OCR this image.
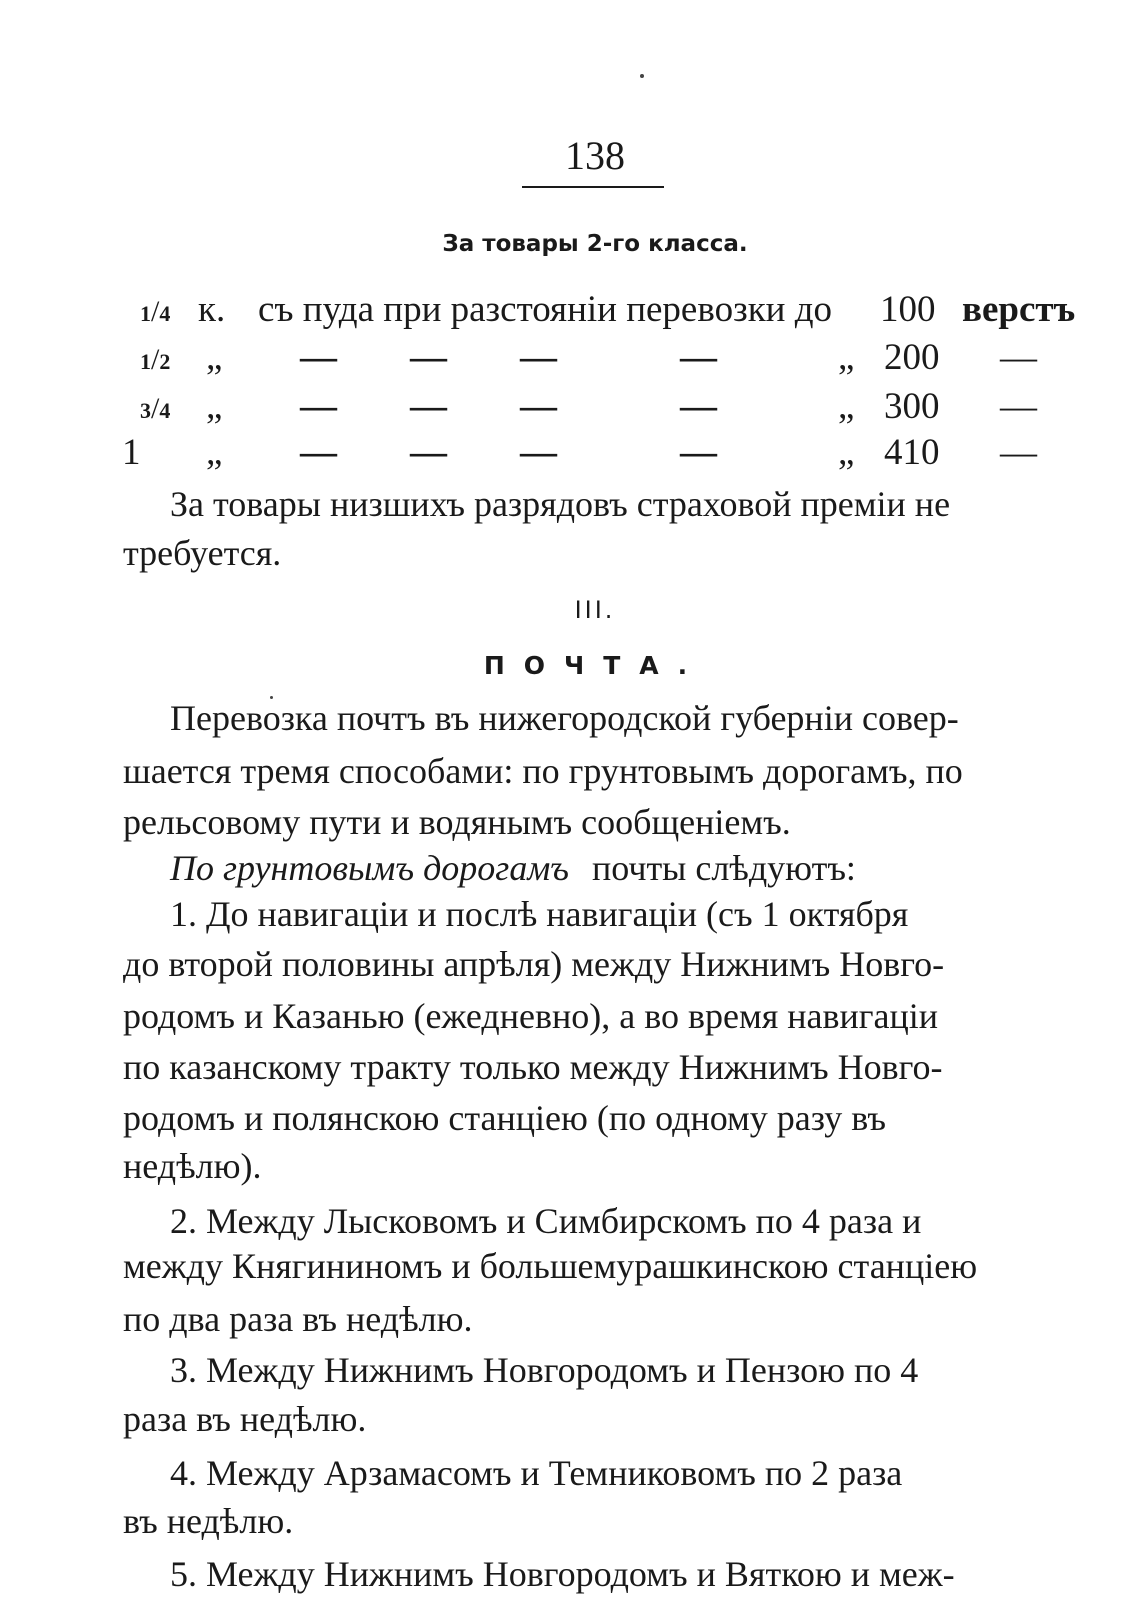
138
За товары 2-го класса.
1/4 к. съ пуда при разстояніи перевозки до 100 верстъ
1/2 „ — — —	—	„ 200 —
3/4 „ — — —	—	„ 300 —
1 „ — — —	—	„ 410 —
За товары низшихъ разрядовъ страховой преміи не
требуется.
III.
ПОЧТА.
Перевозка почтъ въ нижегородской губерніи совер-
шается тремя способами: по грунтовымъ дорогамъ, по
рельсовому пути и водянымъ сообщеніемъ.
По грунтовымъ дорогамъ почты слѣдуютъ:
1. До навигаціи и послѣ навигаціи (съ 1 октября
до второй половины апрѣля) между Нижнимъ Новго-
родомъ и Казанью (ежедневно), а во время навигаціи
по казанскому тракту только между Нижнимъ Новго-
родомъ и полянскою станціею (по одному разу въ
недѣлю).
2. Между Лысковомъ и Симбирскомъ по 4 раза и
между Княгининомъ и большемурашкинскою станціею
по два раза въ недѣлю.
3. Между Нижнимъ Новгородомъ и Пензою по 4
раза въ недѣлю.
4. Между Арзамасомъ и Темниковомъ по 2 раза
въ недѣлю.
5. Между Нижнимъ Новгородомъ и Вяткою и меж-
